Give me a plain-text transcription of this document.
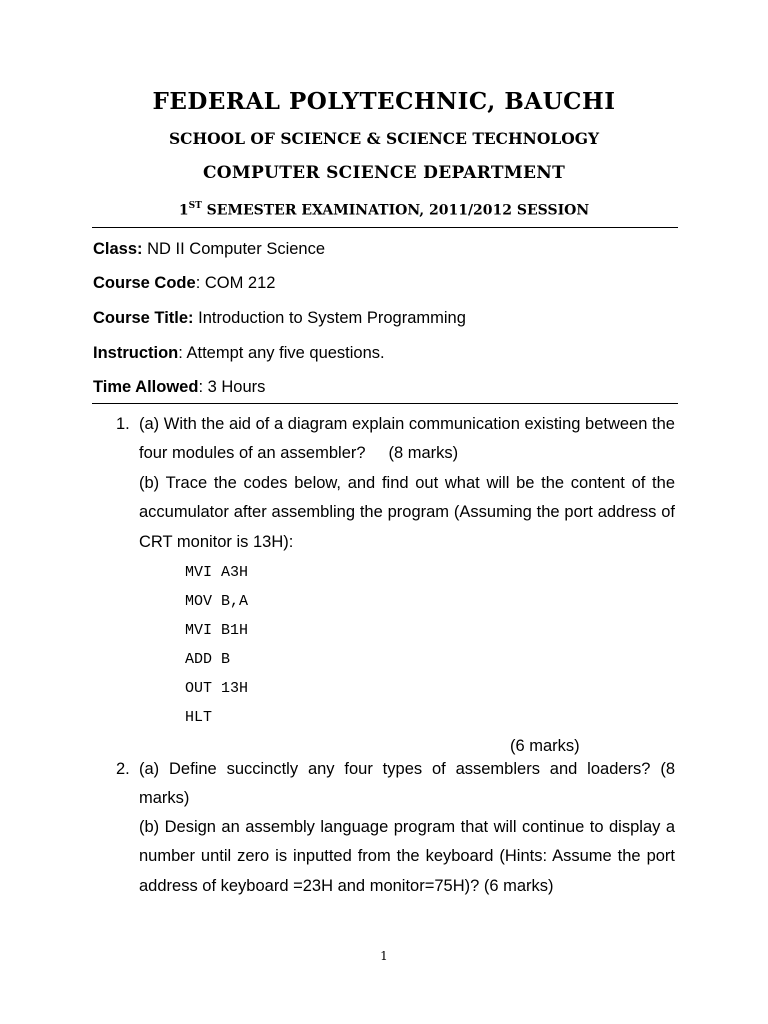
FEDERAL POLYTECHNIC, BAUCHI
SCHOOL OF SCIENCE & SCIENCE TECHNOLOGY
COMPUTER SCIENCE DEPARTMENT
1ST SEMESTER EXAMINATION, 2011/2012 SESSION
Class: ND II Computer Science
Course Code: COM 212
Course Title: Introduction to System Programming
Instruction: Attempt any five questions.
Time Allowed: 3 Hours
1. (a) With the aid of a diagram explain communication existing between the four modules of an assembler?     (8 marks)
(b) Trace the codes below, and find out what will be the content of the accumulator after assembling the program (Assuming the port address of CRT monitor is 13H):
MVI A3H
MOV B,A
MVI B1H
ADD B
OUT 13H
HLT
(6 marks)
2. (a) Define succinctly any four types of assemblers and loaders? (8 marks)
(b) Design an assembly language program that will continue to display a number until zero is inputted from the keyboard (Hints: Assume the port address of keyboard =23H and monitor=75H)? (6 marks)
1
